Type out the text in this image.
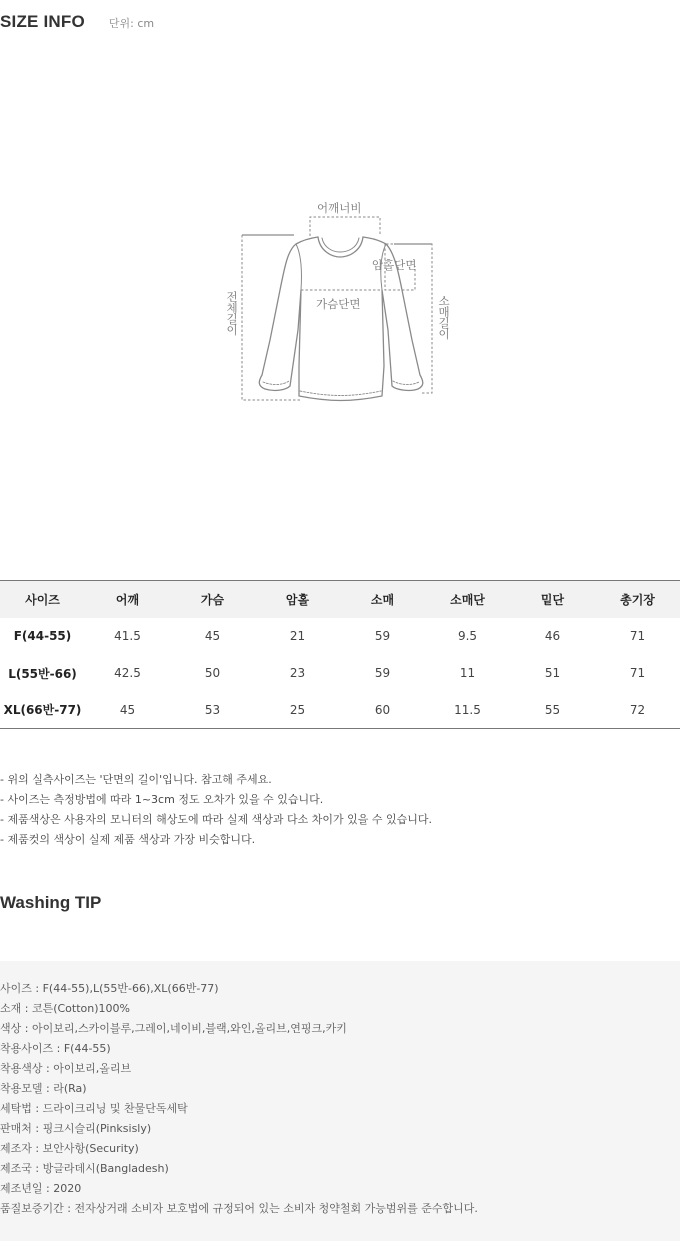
SIZE INFO 단위: cm
어깨너비
암홀단면
가슴단면
전체길이
소매길이
사이즈	어깨	가슴	암홀	소매	소매단	밑단	총기장
F(44-55)	41.5	45	21	59	9.5	46	71
L(55반-66)	42.5	50	23	59	11	51	71
XL(66반-77)	45	53	25	60	11.5	55	72

- 위의 실측사이즈는 '단면의 길이'입니다. 참고해 주세요.

- 사이즈는 측정방법에 따라 1~3cm 정도 오차가 있을 수 있습니다.

- 제품색상은 사용자의 모니터의 해상도에 따라 실제 색상과 다소 차이가 있을 수 있습니다.

- 제품컷의 색상이 실제 제품 색상과 가장 비슷합니다.

Washing TIP

사이즈 : F(44-55),L(55반-66),XL(66반-77)

소재 : 코튼(Cotton)100%

색상 : 아이보리,스카이블루,그레이,네이비,블랙,와인,올리브,연핑크,카키

착용사이즈 : F(44-55)

착용색상 : 아이보리,올리브

착용모델 : 라(Ra)

세탁법 : 드라이크리닝 및 찬물단독세탁

판매처 : 핑크시슬리(Pinksisly)

제조자 : 보안사항(Security)

제조국 : 방글라데시(Bangladesh)

제조년일 : 2020

품질보증기간 : 전자상거래 소비자 보호법에 규정되어 있는 소비자 청약철회 가능범위를 준수합니다.
